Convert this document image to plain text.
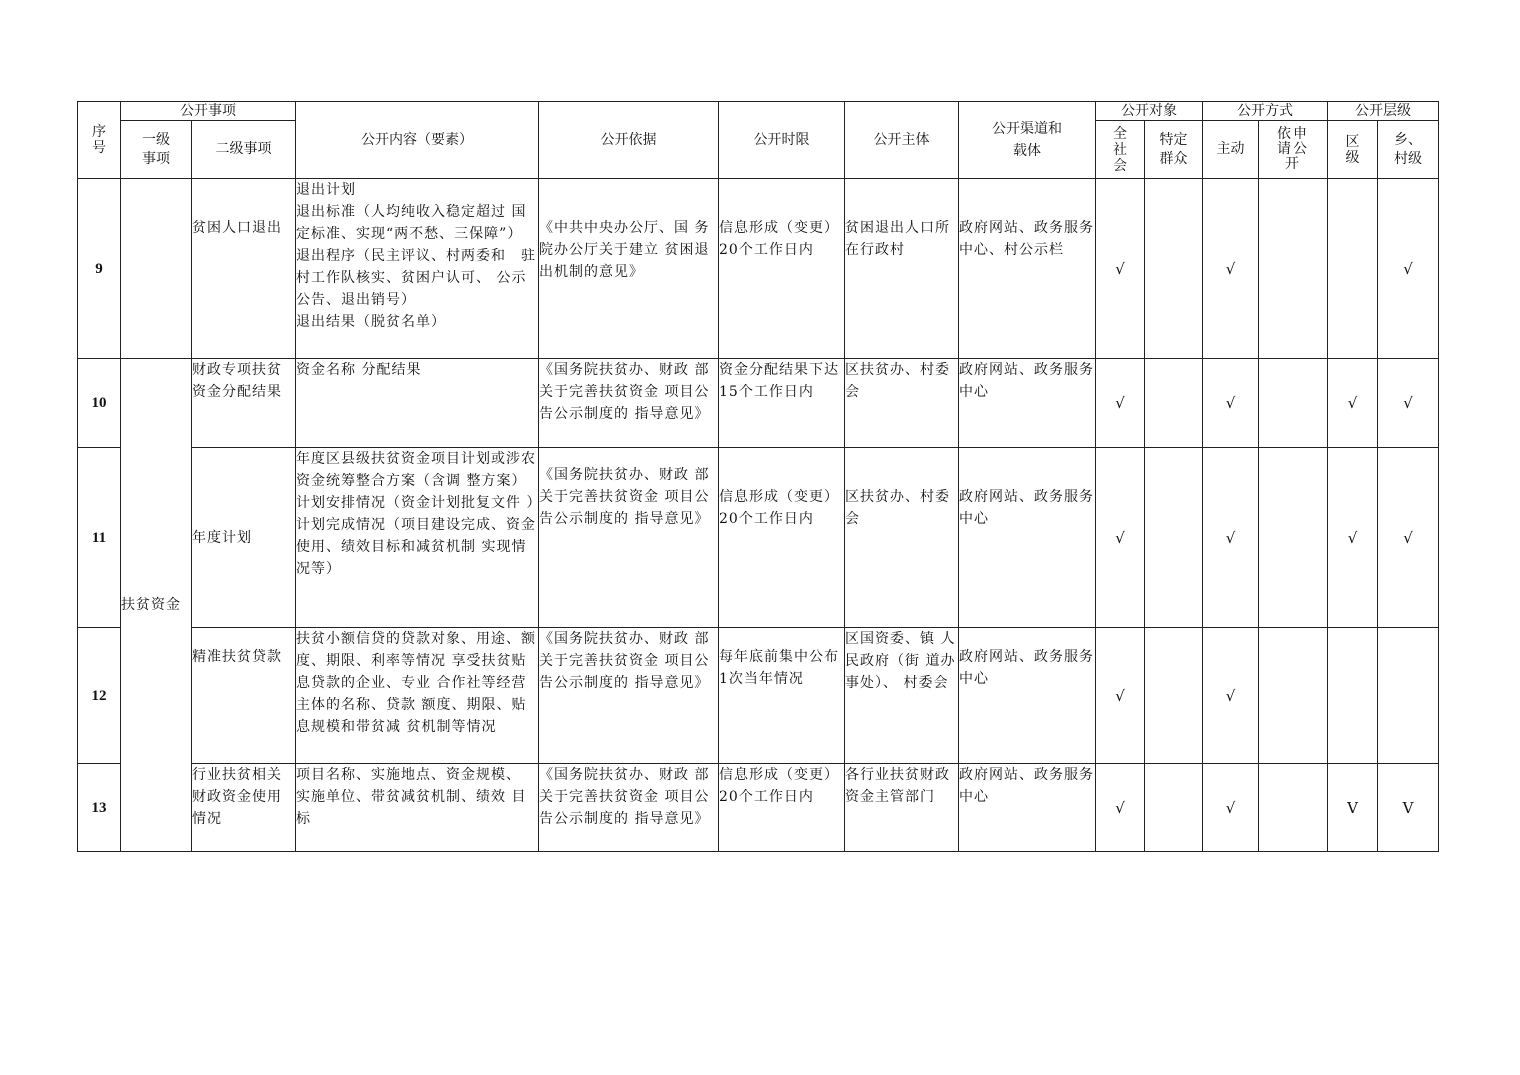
序号	公开事项		公开内容（要素）	公开依据	公开时限	公开主体	公开渠道和载体	公开对象		公开方式		公开层级	
	一级事项	二级事项						全社会	特定群众	主动	依申请公开	区级	乡、村级
9		贫困人口退出	退出计划
退出标准（人均纯收入稳定超过 国定标准、实现“两不愁、三保障”）
退出程序（民主评议、村两委和　驻村工作队核实、贫困户认可、 公示公告、退出销号）
退出结果（脱贫名单）	《中共中央办公厅、国 务院办公厅关于建立 贫困退出机制的意见》	信息形成（变更）20个工作日内	贫困退出人口所在行政村	政府网站、政务服务中心、村公示栏	√		√			√
10	扶贫资金	财政专项扶贫资金分配结果	资金名称 分配结果	《国务院扶贫办、财政 部关于完善扶贫资金 项目公告公示制度的 指导意见》	资金分配结果下达15个工作日内	区扶贫办、村委会	政府网站、政务服务中心	√		√		√	√
11		年度计划	年度区县级扶贫资金项目计划或涉农资金统筹整合方案（含调 整方案）
计划安排情况（资金计划批复文件 ）
计划完成情况（项目建设完成、资金使用、绩效目标和减贫机制 实现情况等）	《国务院扶贫办、财政 部关于完善扶贫资金 项目公告公示制度的 指导意见》	信息形成（变更）20个工作日内	区扶贫办、村委会	政府网站、政务服务中心	√		√		√	√
12		精准扶贫贷款	扶贫小额信贷的贷款对象、用途、额度、期限、利率等情况 享受扶贫贴息贷款的企业、专业 合作社等经营主体的名称、贷款 额度、期限、贴息规模和带贫减 贫机制等情况	《国务院扶贫办、财政 部关于完善扶贫资金 项目公告公示制度的 指导意见》	每年底前集中公布1次当年情况	区国资委、镇 人民政府（街 道办事处）、 村委会	政府网站、政务服务中心	√		√			
13		行业扶贫相关财政资金使用情况	项目名称、实施地点、资金规模、 实施单位、带贫减贫机制、绩效 目标	《国务院扶贫办、财政 部关于完善扶贫资金 项目公告公示制度的 指导意见》	信息形成（变更）20个工作日内	各行业扶贫财政资金主管部门	政府网站、政务服务中心	√		√		V	V
